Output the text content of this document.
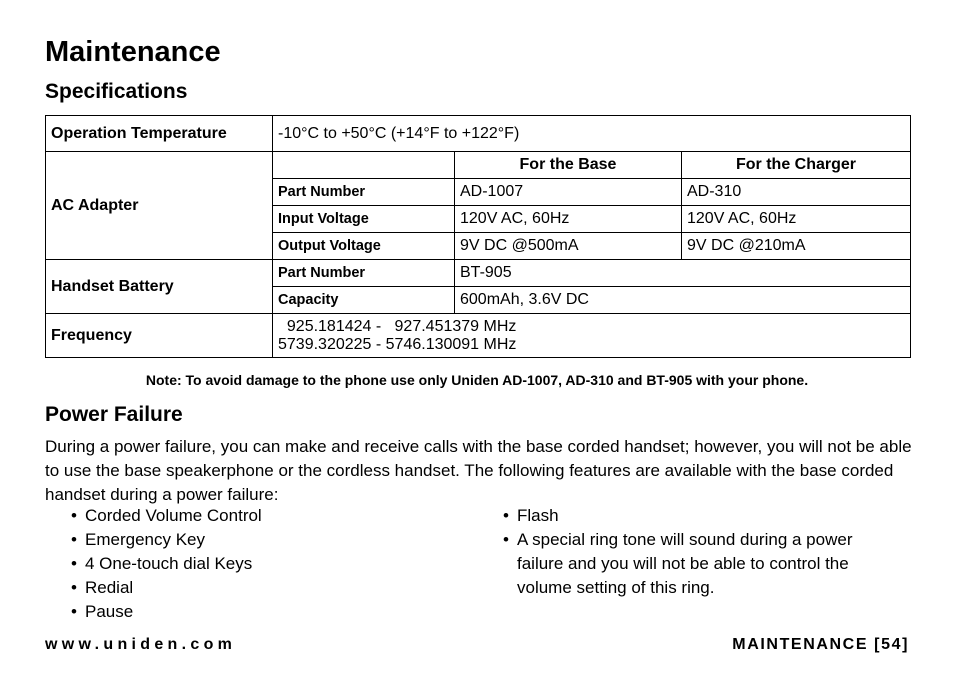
Maintenance
Specifications
Operation Temperature	-10°C to +50°C (+14°F to +122°F)		
AC Adapter		For the Base	For the Charger
	Part Number	AD-1007	AD-310
	Input Voltage	120V AC, 60Hz	120V AC, 60Hz
	Output Voltage	9V DC @500mA	9V DC @210mA
Handset Battery	Part Number	BT-905	
	Capacity	600mAh, 3.6V DC	
Frequency	925.181424 -   927.451379 MHz
5739.320225 - 5746.130091 MHz		
Note: To avoid damage to the phone use only Uniden AD-1007, AD-310 and BT-905 with your phone.
Power Failure

During a power failure, you can make and receive calls with the base corded handset; however, you will not be able to use the base speakerphone or the cordless handset. The following features are available with the base corded handset during a power failure:

• Corded Volume Control
• Emergency Key
• 4 One-touch dial Keys
• Redial
• Pause
• Flash
• A special ring tone will sound during a power failure and you will not be able to control the volume setting of this ring.
www.uniden.com	MAINTENANCE [54]
